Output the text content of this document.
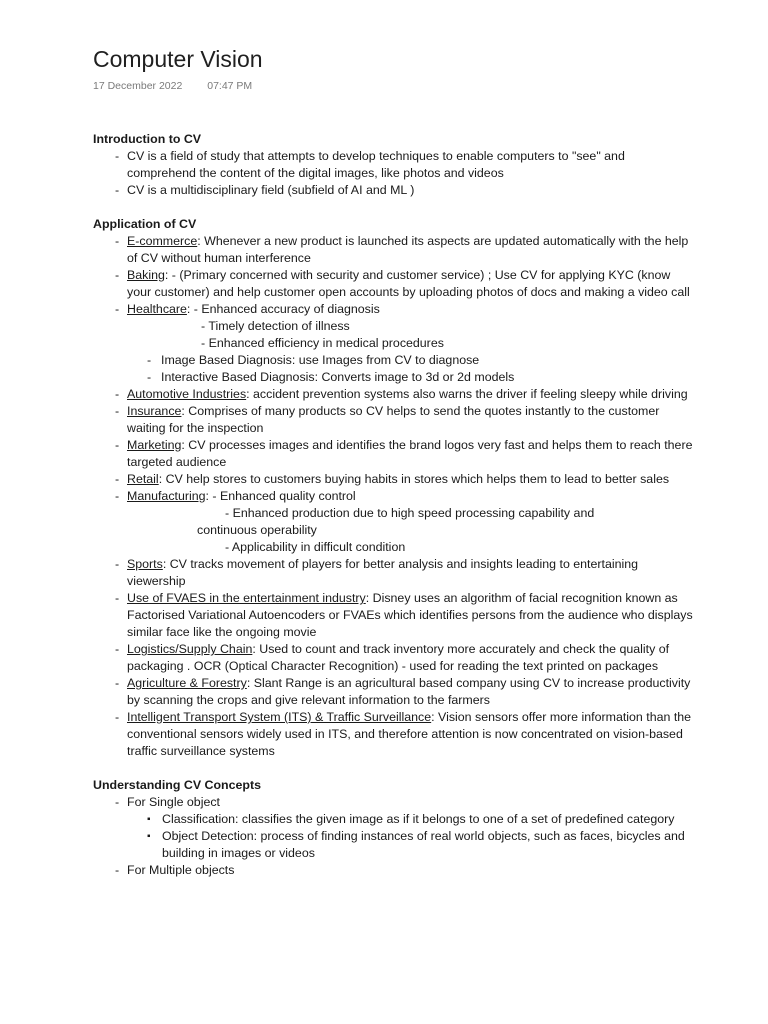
Computer Vision
17 December 2022 07:47 PM

Introduction to CV

- CV is a field of study that attempts to develop techniques to enable computers to "see" and comprehend the content of the digital images, like photos and videos
- CV is a multidisciplinary field (subfield of AI and ML )

Application of CV

- E-commerce: Whenever a new product is launched its aspects are updated automatically with the help of CV without human interference
- Baking: - (Primary concerned with security and customer service) ; Use CV for applying KYC (know your customer) and help customer open accounts by uploading photos of docs and making a video call
- Healthcare: - Enhanced accuracy of diagnosis
- Timely detection of illness
- Enhanced efficiency in medical procedures
- Image Based Diagnosis: use Images from CV to diagnose
- Interactive Based Diagnosis: Converts image to 3d or 2d models
- Automotive Industries: accident prevention systems also warns the driver if feeling sleepy while driving
- Insurance: Comprises of many products so CV helps to send the quotes instantly to the customer waiting for the inspection
- Marketing: CV processes images and identifies the brand logos very fast and helps them to reach there targeted audience
- Retail: CV help stores to customers buying habits in stores which helps them to lead to better sales
- Manufacturing: - Enhanced quality control
- Enhanced production due to high speed processing capability and
continuous operability
- Applicability in difficult condition
- Sports: CV tracks movement of players for better analysis and insights leading to entertaining viewership
- Use of FVAES in the entertainment industry: Disney uses an algorithm of facial recognition known as Factorised Variational Autoencoders or FVAEs which identifies persons from the audience who displays similar face like the ongoing movie
- Logistics/Supply Chain: Used to count and track inventory more accurately and check the quality of packaging . OCR (Optical Character Recognition) - used for reading the text printed on packages
- Agriculture & Forestry: Slant Range is an agricultural based company using CV to increase productivity by scanning the crops and give relevant information to the farmers
- Intelligent Transport System (ITS) & Traffic Surveillance: Vision sensors offer more information than the conventional sensors widely used in ITS, and therefore attention is now concentrated on vision-based traffic surveillance systems

Understanding CV Concepts

- For Single object
▪ Classification: classifies the given image as if it belongs to one of a set of predefined category
▪ Object Detection: process of finding instances of real world objects, such as faces, bicycles and building in images or videos
- For Multiple objects
